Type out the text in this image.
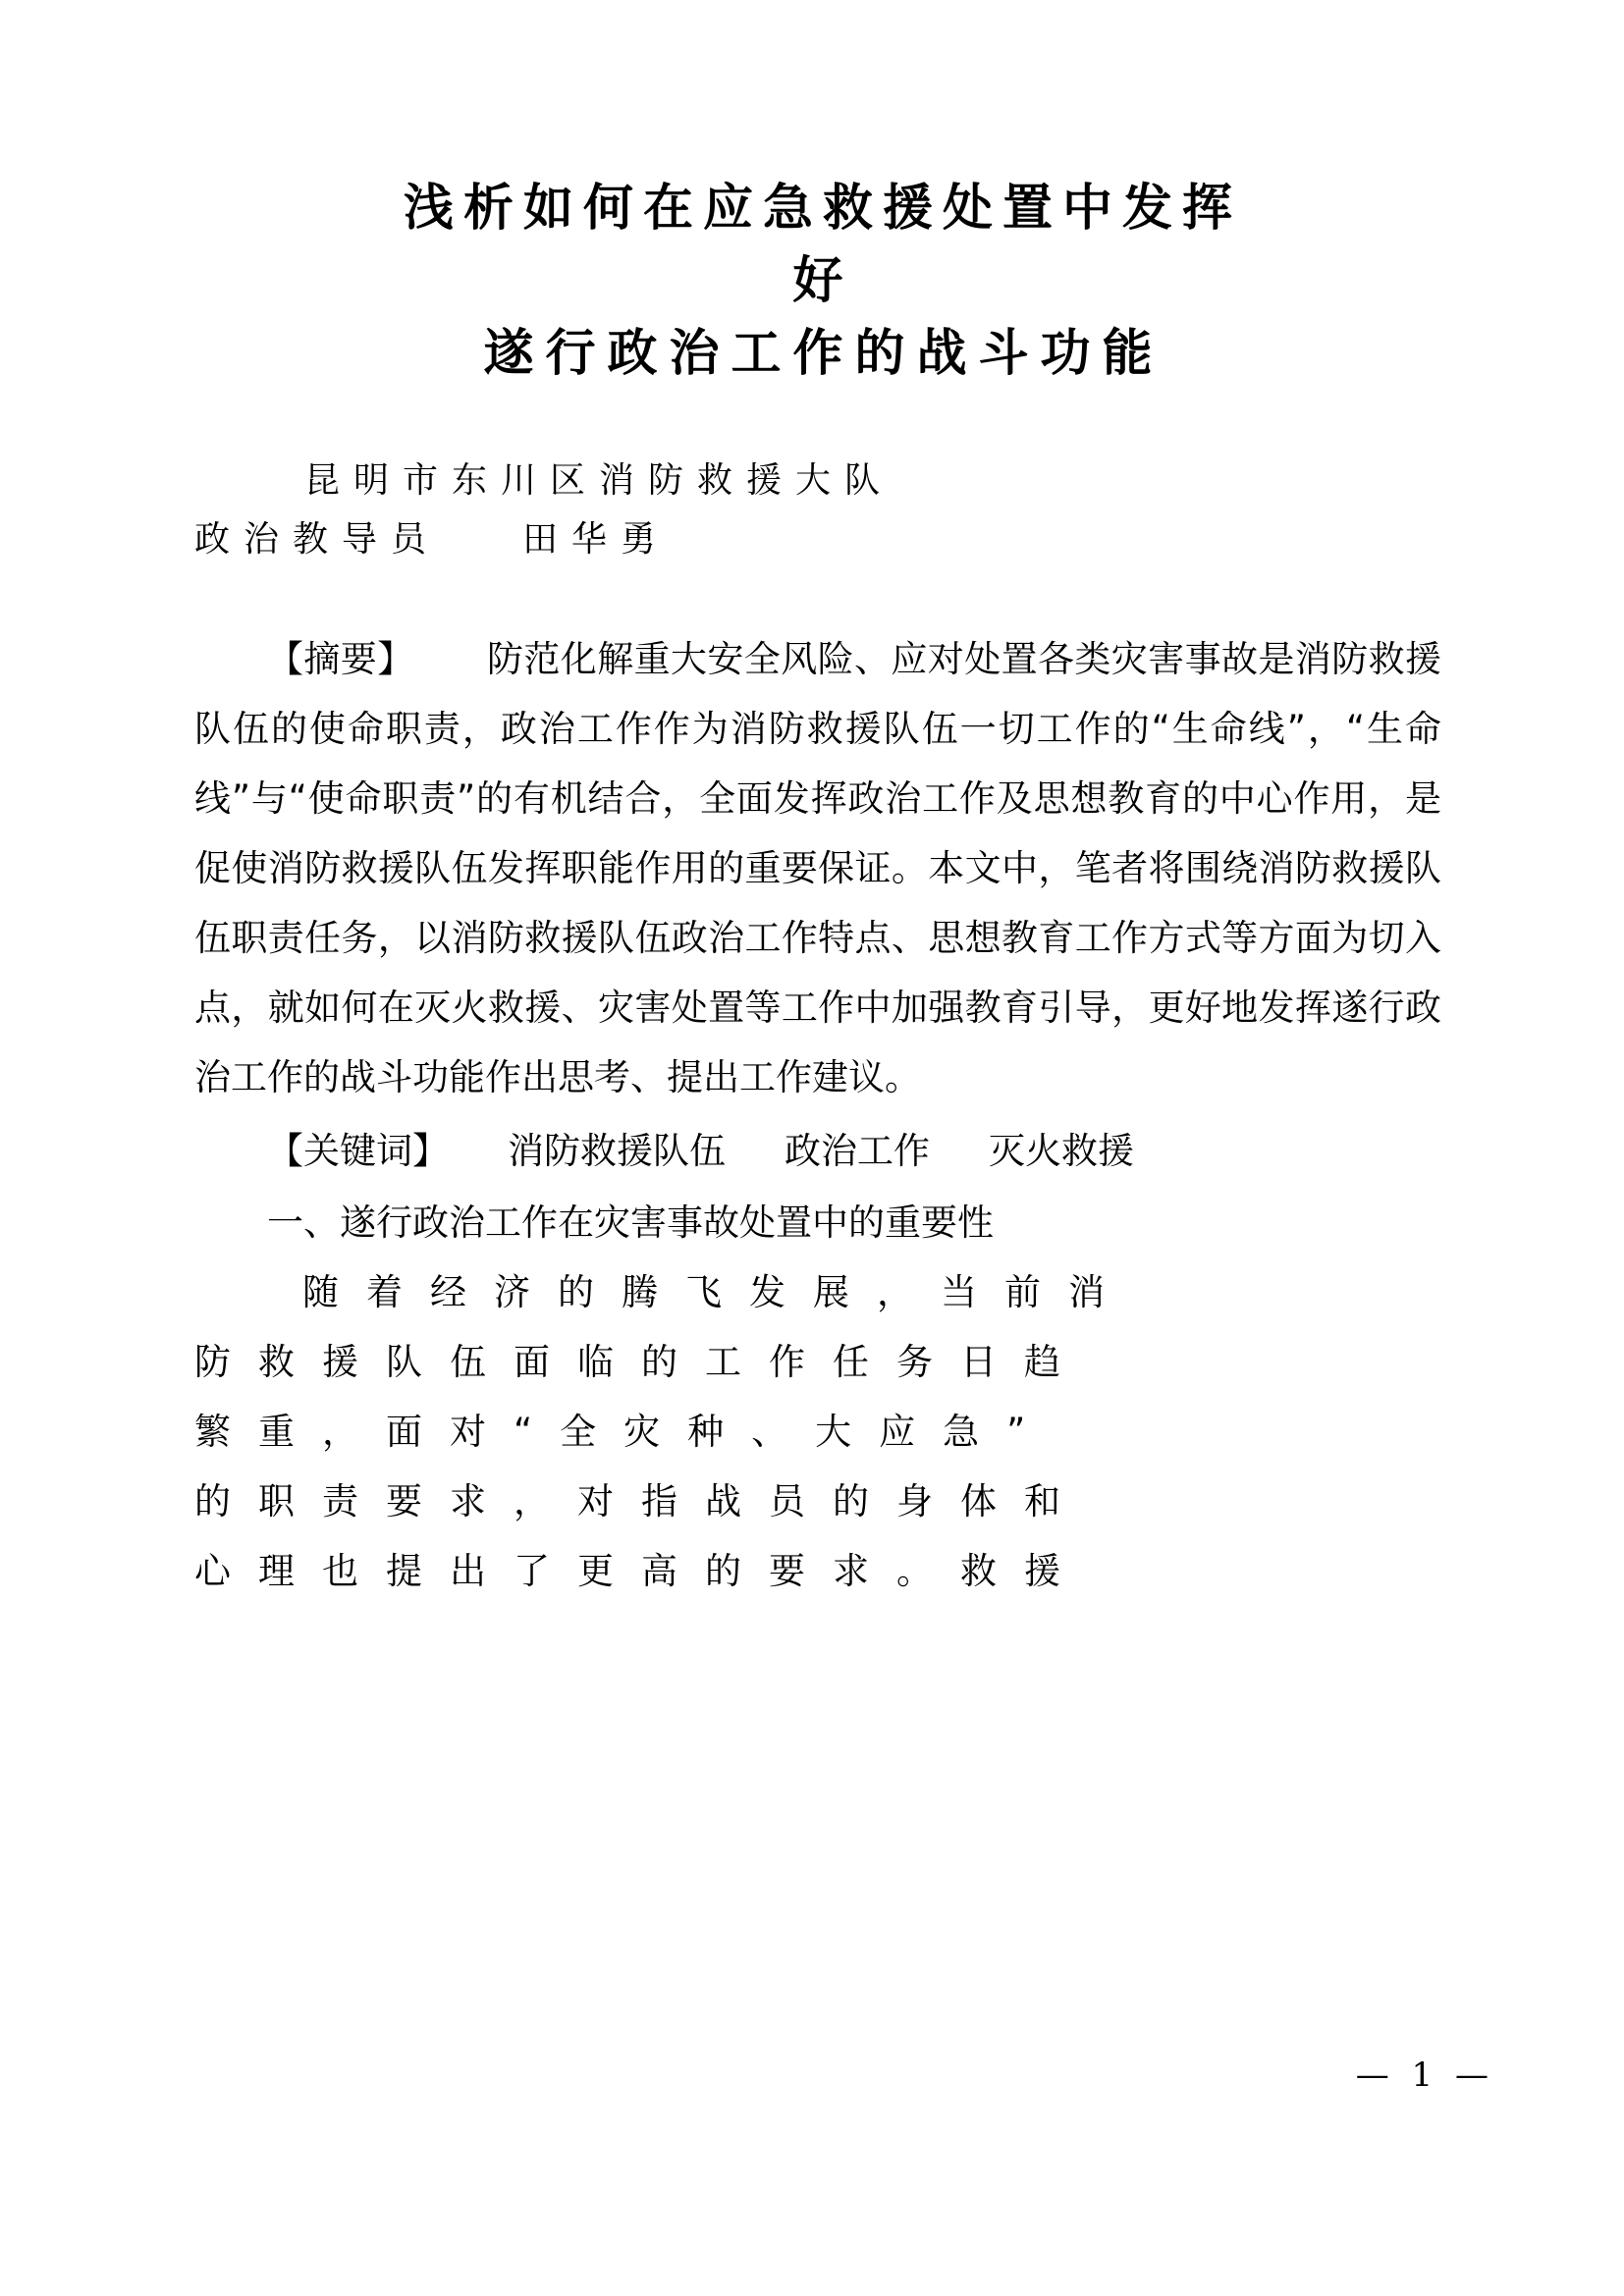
浅析如何在应急救援处置中发挥
好
遂行政治工作的战斗功能
昆明市东川区消防救援大队
政治教导员 田华勇
【摘要】 防范化解重大安全风险、应对处置各类灾害事故是消防救援队伍的使命职责，政治工作作为消防救援队伍一切工作的“生命线”，“生命线”与“使命职责”的有机结合，全面发挥政治工作及思想教育的中心作用，是促使消防救援队伍发挥职能作用的重要保证。本文中，笔者将围绕消防救援队伍职责任务，以消防救援队伍政治工作特点、思想教育工作方式等方面为切入点，就如何在灭火救援、灾害处置等工作中加强教育引导，更好地发挥遂行政治工作的战斗功能作出思考、提出工作建议。
【关键词】 消防救援队伍 政治工作 灭火救援
一、遂行政治工作在灾害事故处置中的重要性
随着经济的腾飞发展，当前消
防救援队伍面临的工作任务日趋
繁重，面对“全灾种、大应急”
的职责要求，对指战员的身体和
心理也提出了更高的要求。救援
— 1 —
